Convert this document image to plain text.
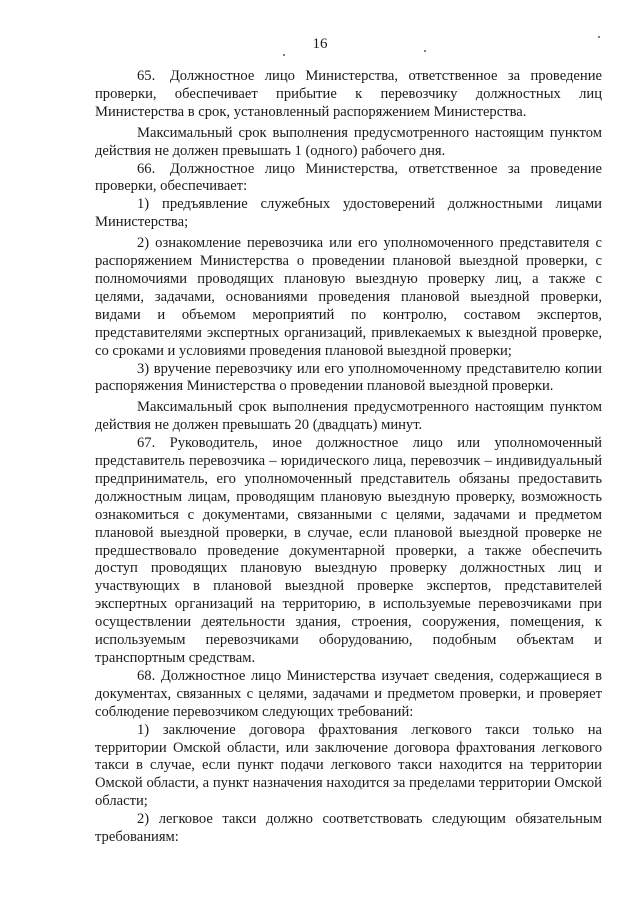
16

65. Должностное лицо Министерства, ответственное за проведение проверки, обеспечивает прибытие к перевозчику должностных лиц Министерства в срок, установленный распоряжением Министерства.

Максимальный срок выполнения предусмотренного настоящим пунктом действия не должен превышать 1 (одного) рабочего дня.

66. Должностное лицо Министерства, ответственное за проведение проверки, обеспечивает:

1) предъявление служебных удостоверений должностными лицами Министерства;

2) ознакомление перевозчика или его уполномоченного представителя с распоряжением Министерства о проведении плановой выездной проверки, с полномочиями проводящих плановую выездную проверку лиц, а также с целями, задачами, основаниями проведения плановой выездной проверки, видами и объемом мероприятий по контролю, составом экспертов, представителями экспертных организаций, привлекаемых к выездной проверке, со сроками и условиями проведения плановой выездной проверки;

3) вручение перевозчику или его уполномоченному представителю копии распоряжения Министерства о проведении плановой выездной проверки.

Максимальный срок выполнения предусмотренного настоящим пунктом действия не должен превышать 20 (двадцать) минут.

67. Руководитель, иное должностное лицо или уполномоченный представитель перевозчика – юридического лица, перевозчик – индивидуальный предприниматель, его уполномоченный представитель обязаны предоставить должностным лицам, проводящим плановую выездную проверку, возможность ознакомиться с документами, связанными с целями, задачами и предметом плановой выездной проверки, в случае, если плановой выездной проверке не предшествовало проведение документарной проверки, а также обеспечить доступ проводящих плановую выездную проверку должностных лиц и участвующих в плановой выездной проверке экспертов, представителей экспертных организаций на территорию, в используемые перевозчиками при осуществлении деятельности здания, строения, сооружения, помещения, к используемым перевозчиками оборудованию, подобным объектам и транспортным средствам.

68. Должностное лицо Министерства изучает сведения, содержащиеся в документах, связанных с целями, задачами и предметом проверки, и проверяет соблюдение перевозчиком следующих требований:

1) заключение договора фрахтования легкового такси только на территории Омской области, или заключение договора фрахтования легкового такси в случае, если пункт подачи легкового такси находится на территории Омской области, а пункт назначения находится за пределами территории Омской области;

2) легковое такси должно соответствовать следующим обязательным требованиям:
